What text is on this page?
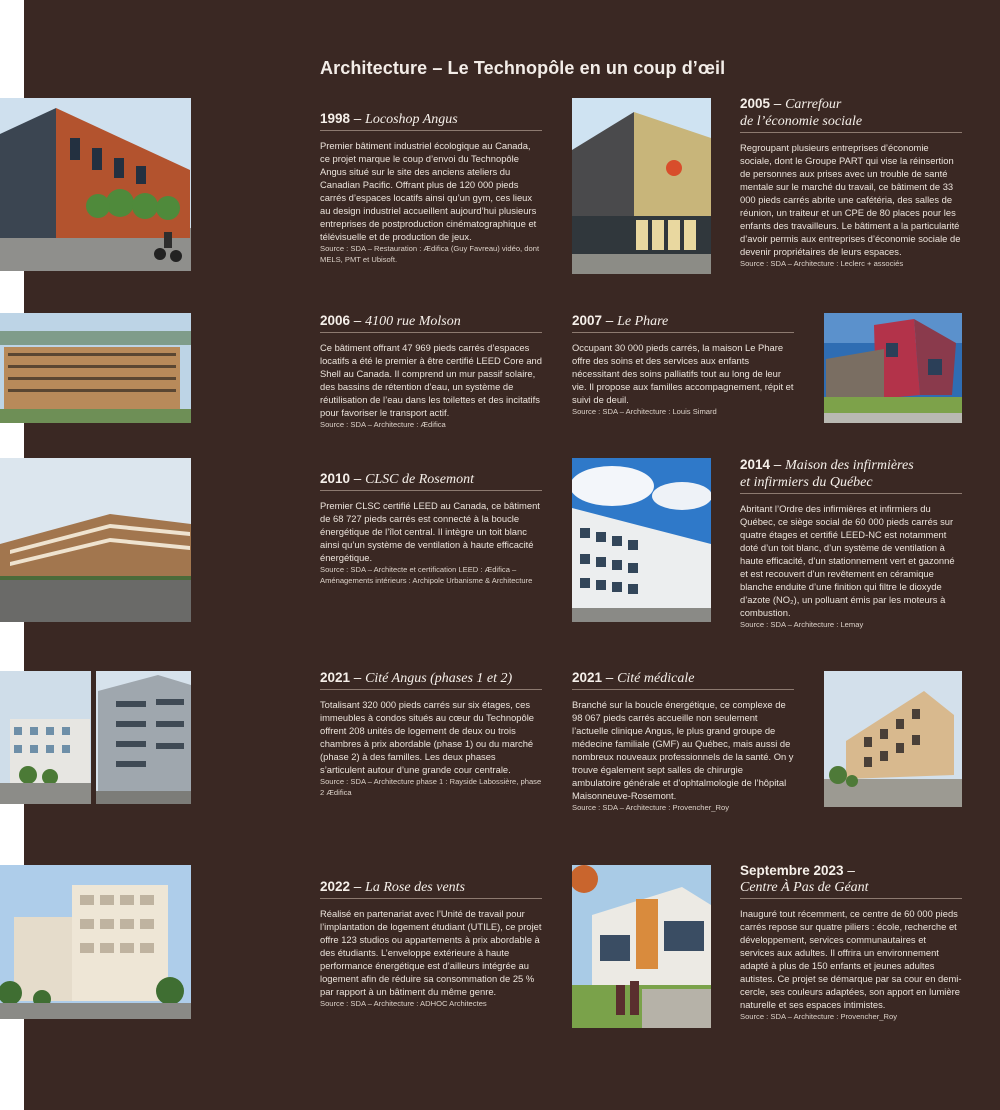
Architecture – Le Technopôle en un coup d’œil
1998 – Locoshop Angus

Premier bâtiment industriel écologique au Canada, ce projet marque le coup d’envoi du Technopôle Angus situé sur le site des anciens ateliers du Canadian Pacific. Offrant plus de 120 000 pieds carrés d’espaces locatifs ainsi qu’un gym, ces lieux au design industriel accueillent aujourd’hui plusieurs entreprises de postproduction cinématographique et télévisuelle et de production de jeux.

Source : SDA – Restauration : Ædifica (Guy Favreau) vidéo, dont MELS, PMT et Ubisoft.

2005 – Carrefour
de l’économie sociale

Regroupant plusieurs entreprises d’économie sociale, dont le Groupe PART qui vise la réinsertion de personnes aux prises avec un trouble de santé mentale sur le marché du travail, ce bâtiment de 33 000 pieds carrés abrite une cafétéria, des salles de réunion, un traiteur et un CPE de 80 places pour les enfants des travailleurs. Le bâtiment a la particularité d’avoir permis aux entreprises d’économie sociale de devenir propriétaires de leurs espaces.

Source : SDA – Architecture : Leclerc + associés

2006 – 4100 rue Molson

Ce bâtiment offrant 47 969 pieds carrés d’espaces locatifs a été le premier à être certifié LEED Core and Shell au Canada. Il comprend un mur passif solaire, des bassins de rétention d’eau, un système de réutilisation de l’eau dans les toilettes et des incitatifs pour favoriser le transport actif.

Source : SDA – Architecture : Ædifica

2007 – Le Phare

Occupant 30 000 pieds carrés, la maison Le Phare offre des soins et des services aux enfants nécessitant des soins palliatifs tout au long de leur vie. Il propose aux familles accompagnement, répit et suivi de deuil.

Source : SDA – Architecture : Louis Simard

2010 – CLSC de Rosemont

Premier CLSC certifié LEED au Canada, ce bâtiment de 68 727 pieds carrés est connecté à la boucle énergétique de l’îlot central. Il intègre un toit blanc ainsi qu’un système de ventilation à haute efficacité énergétique.

Source : SDA – Architecte et certification LEED : Ædifica – Aménagements intérieurs : Archipole Urbanisme & Architecture

2014 – Maison des infirmières
et infirmiers du Québec

Abritant l’Ordre des infirmières et infirmiers du Québec, ce siège social de 60 000 pieds carrés sur quatre étages et certifié LEED-NC est notamment doté d’un toit blanc, d’un système de ventilation à haute efficacité, d’un stationnement vert et gazonné et est recouvert d’un revêtement en céramique blanche enduite d’une finition qui filtre le dioxyde d’azote (NO₂), un polluant émis par les moteurs à combustion.

Source : SDA – Architecture : Lemay

2021 – Cité Angus (phases 1 et 2)

Totalisant 320 000 pieds carrés sur six étages, ces immeubles à condos situés au cœur du Technopôle offrent 208 unités de logement de deux ou trois chambres à prix abordable (phase 1) ou du marché (phase 2) à des familles. Les deux phases s’articulent autour d’une grande cour centrale.

Source : SDA – Architecture phase 1 : Rayside Labossière, phase 2 Ædifica

2021 – Cité médicale

Branché sur la boucle énergétique, ce complexe de 98 067 pieds carrés accueille non seulement l’actuelle clinique Angus, le plus grand groupe de médecine familiale (GMF) au Québec, mais aussi de nombreux nouveaux professionnels de la santé. On y trouve également sept salles de chirurgie ambulatoire générale et d’ophtalmologie de l’hôpital Maisonneuve-Rosemont.

Source : SDA – Architecture : Provencher_Roy

2022 – La Rose des vents

Réalisé en partenariat avec l’Unité de travail pour l’implantation de logement étudiant (UTILE), ce projet offre 123 studios ou appartements à prix abordable à des étudiants. L’enveloppe extérieure à haute performance énergétique est d’ailleurs intégrée au logement afin de réduire sa consommation de 25 % par rapport à un bâtiment du même genre.

Source : SDA – Architecture : ADHOC Architectes

Septembre 2023 –
Centre À Pas de Géant

Inauguré tout récemment, ce centre de 60 000 pieds carrés repose sur quatre piliers : école, recherche et développement, services communautaires et services aux adultes. Il offrira un environnement adapté à plus de 150 enfants et jeunes adultes autistes. Ce projet se démarque par sa cour en demi-cercle, ses couleurs adaptées, son apport en lumière naturelle et ses espaces intimistes.

Source : SDA – Architecture : Provencher_Roy
